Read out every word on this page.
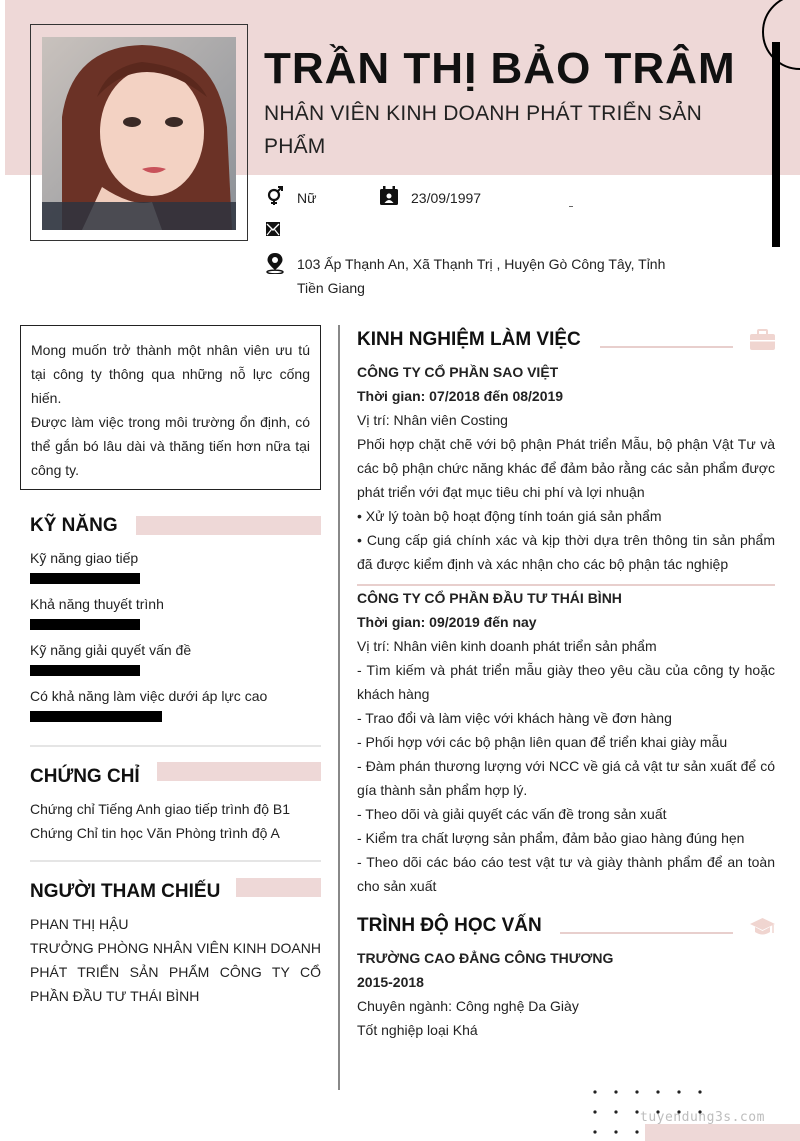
TRẦN THỊ BẢO TRÂM
NHÂN VIÊN KINH DOANH PHÁT TRIỂN SẢN PHẨM
Nữ	23/09/1997
103 Ấp Thạnh An, Xã Thạnh Trị , Huyện Gò Công Tây, Tỉnh Tiền Giang

Mong muốn trở thành một nhân viên ưu tú tại công ty thông qua những nỗ lực cống hiến.

Được làm việc trong môi trường ổn định, có thể gắn bó lâu dài và thăng tiến hơn nữa tại công ty.

KỸ NĂNG
Kỹ năng giao tiếp
Khả năng thuyết trình
Kỹ năng giải quyết vấn đề
Có khả năng làm việc dưới áp lực cao
CHỨNG CHỈ
Chứng chỉ Tiếng Anh giao tiếp trình độ B1
Chứng Chỉ tin học Văn Phòng trình độ A
NGƯỜI THAM CHIẾU
PHAN THỊ HẬU
TRƯỞNG PHÒNG NHÂN VIÊN KINH DOANH PHÁT TRIỂN SẢN PHẨM CÔNG TY CỔ PHẦN ĐẦU TƯ THÁI BÌNH
KINH NGHIỆM LÀM VIỆC
CÔNG TY CỔ PHẦN SAO VIỆT
Thời gian: 07/2018 đến 08/2019
Vị trí: Nhân viên Costing

Phối hợp chặt chẽ với bộ phận Phát triển Mẫu, bộ phận Vật Tư và các bộ phận chức năng khác để đảm bảo rằng các sản phẩm được phát triển với đạt mục tiêu chi phí và lợi nhuận

• Xử lý toàn bộ hoạt động tính toán giá sản phẩm

• Cung cấp giá chính xác và kịp thời dựa trên thông tin sản phẩm đã được kiểm định và xác nhận cho các bộ phận tác nghiệp

CÔNG TY CỔ PHẦN ĐẦU TƯ THÁI BÌNH
Thời gian: 09/2019 đến nay
Vị trí: Nhân viên kinh doanh phát triển sản phẩm

- Tìm kiếm và phát triển mẫu giày theo yêu cầu của công ty hoặc khách hàng

- Trao đổi và làm việc với khách hàng về đơn hàng

- Phối hợp với các bộ phận liên quan để triển khai giày mẫu

- Đàm phán thương lượng với NCC về giá cả vật tư sản xuất để có gía thành sản phẩm hợp lý.

- Theo dõi và giải quyết các vấn đề trong sản xuất

- Kiểm tra chất lượng sản phẩm, đảm bảo giao hàng đúng hẹn

- Theo dõi các báo cáo test vật tư và giày thành phẩm để an toàn cho sản xuất

TRÌNH ĐỘ HỌC VẤN
TRƯỜNG CAO ĐẲNG CÔNG THƯƠNG
2015-2018
Chuyên ngành: Công nghệ Da Giày
Tốt nghiệp loại Khá
tuyendung3s.com
